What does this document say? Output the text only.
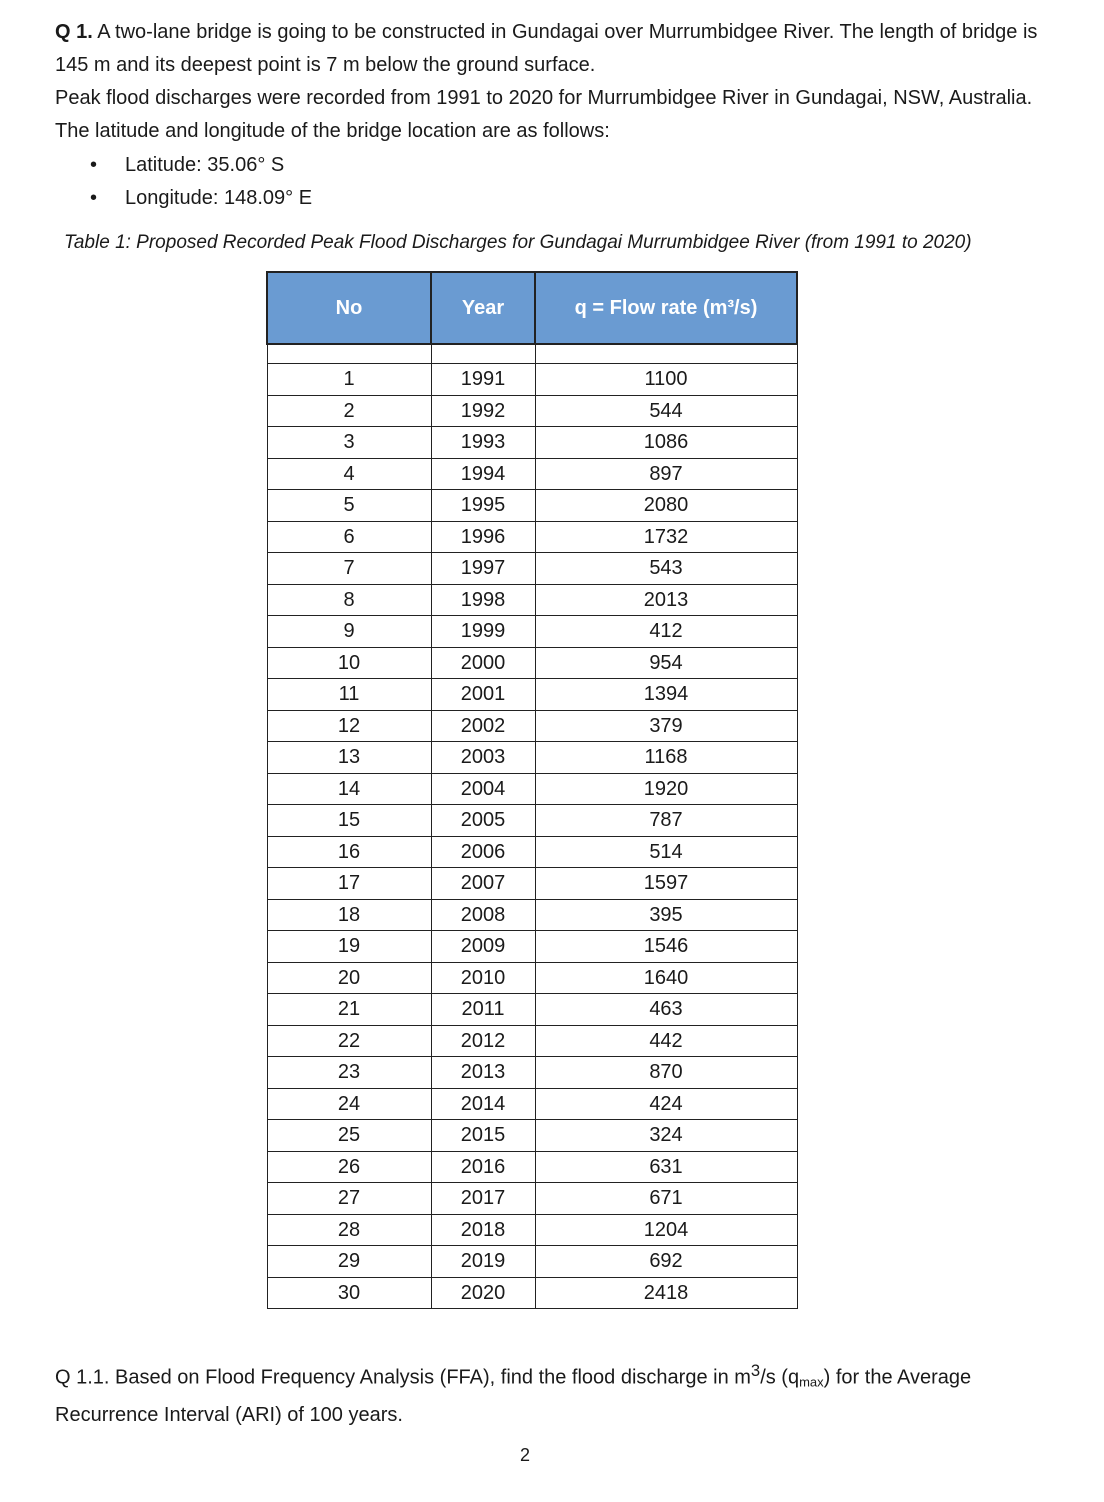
Q 1. A two-lane bridge is going to be constructed in Gundagai over Murrumbidgee River. The length of bridge is 145 m and its deepest point is 7 m below the ground surface.
Peak flood discharges were recorded from 1991 to 2020 for Murrumbidgee River in Gundagai, NSW, Australia. The latitude and longitude of the bridge location are as follows:

•	Latitude: 35.06° S
•	Longitude: 148.09° E

Table 1: Proposed Recorded Peak Flood Discharges for Gundagai Murrumbidgee River (from 1991 to 2020)

No	Year	q = Flow rate (m³/s)

1	1991	1100
2	1992	544
3	1993	1086
4	1994	897
5	1995	2080
6	1996	1732
7	1997	543
8	1998	2013
9	1999	412
10	2000	954
11	2001	1394
12	2002	379
13	2003	1168
14	2004	1920
15	2005	787
16	2006	514
17	2007	1597
18	2008	395
19	2009	1546
20	2010	1640
21	2011	463
22	2012	442
23	2013	870
24	2014	424
25	2015	324
26	2016	631
27	2017	671
28	2018	1204
29	2019	692
30	2020	2418

Q 1.1. Based on Flood Frequency Analysis (FFA), find the flood discharge in $m^3/s$ $(q_{max})$ for the Average Recurrence Interval (ARI) of 100 years.

2
